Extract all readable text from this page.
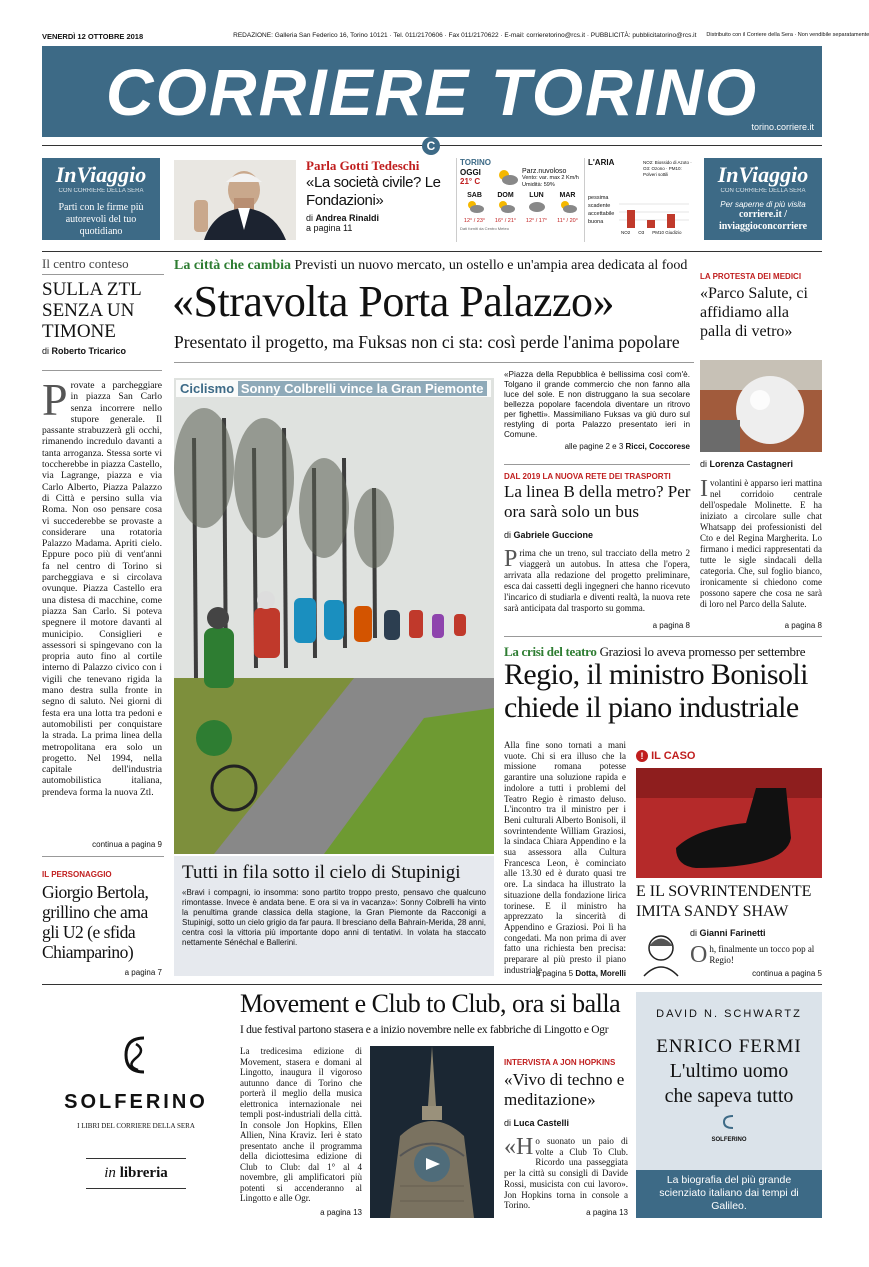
VENERDÌ 12 OTTOBRE 2018	REDAZIONE: Galleria San Federico 16, Torino 10121 · Tel. 011/2170606 · Fax 011/2170622 · E-mail: corrieretorino@rcs.it · PUBBLICITÀ: pubblicitatorino@rcs.it Distribuito con il Corriere della Sera · Non vendibile separatamente
CORRIERE TORINO
torino.corriere.it
C
InViaggio
CON CORRIERE DELLA SERA
Parti con le firme più autorevoli del tuo quotidiano
Parla Gotti Tedeschi
«La società civile? Le Fondazioni»
di Andrea Rinaldi
a pagina 11
TORINO
OGGI
21° C
Parz.nuvoloso
Vento: var. max 2 Km/h
Umidità: 59%
SAB
12° / 23°
DOM
16° / 21°
LUN
12° / 17°
MAR
11° / 20°
Dati forniti da Centro Meteo
L'ARIA	NO2: Biossido di Azoto · O3: Ozono · PM10: Polveri sottili
pessima
scadente
accettabile
buona
NO2 O3 PM10 Giudizio
InViaggio
CON CORRIERE DELLA SERA
Per saperne di più visita
corriere.it / inviaggioconcorriere
Il centro conteso
SULLA ZTL SENZA UN TIMONE
di Roberto Tricarico
P rovate a parcheggiare in piazza San Carlo senza incorrere nello stupore generale. Il passante strabuzzerà gli occhi, rimanendo incredulo davanti a tanta arroganza. Stessa sorte vi toccherebbe in piazza Castello, via Lagrange, piazza e via Carlo Alberto, Piazza Palazzo di Città e persino sulla via Roma. Non oso pensare cosa vi succederebbe se provaste a considerare una rotatoria Palazzo Madama. Apriti cielo. Eppure poco più di vent'anni fa nel centro di Torino si parcheggiava e si circolava ovunque. Piazza Castello era una distesa di macchine, come piazza San Carlo. Si poteva spegnere il motore davanti al municipio. Consiglieri e assessori si spingevano con la propria auto fino al cortile interno di Palazzo civico con i vigili che tenevano rigida la mano destra sulla fronte in segno di saluto. Nei giorni di festa era una lotta tra pedoni e automobilisti per conquistare la strada. La prima linea della metropolitana era solo un progetto. Nel 1994, nella capitale dell'industria automobilistica italiana, prendeva forma la nuova Ztl.
continua a pagina 9
IL PERSONAGGIO
Giorgio Bertola, grillino che ama gli U2 (e sfida Chiamparino)
a pagina 7
La città che cambia Previsti un nuovo mercato, un ostello e un'ampia area dedicata al food
«Stravolta Porta Palazzo»
Presentato il progetto, ma Fuksas non ci sta: così perde l'anima popolare
Ciclismo Sonny Colbrelli vince la Gran Piemonte
Tutti in fila sotto il cielo di Stupinigi
«Bravi i compagni, io insomma: sono partito troppo presto, pensavo che qualcuno rimontasse. Invece è andata bene. E ora si va in vacanza»: Sonny Colbrelli ha vinto la penultima grande classica della stagione, la Gran Piemonte da Racconigi a Stupinigi, sotto un cielo grigio da far paura. Il bresciano della Bahrain-Merida, 28 anni, centra così la vittoria più importante dopo anni di tentativi. In volata ha staccato nettamente Sénéchal e Ballerini.
«Piazza della Repubblica è bellissima così com'è. Tolgano il grande commercio che non fanno alla luce del sole. E non distruggano la sua secolare bellezza popolare facendola diventare un ritrovo per fighetti». Massimiliano Fuksas va giù duro sul restyling di porta Palazzo presentato ieri in Comune.
alle pagine 2 e 3 Ricci, Coccorese
DAL 2019 LA NUOVA RETE DEI TRASPORTI
La linea B della metro? Per ora sarà solo un bus
di Gabriele Guccione
P rima che un treno, sul tracciato della metro 2 viaggerà un autobus. In attesa che l'opera, arrivata alla redazione del progetto preliminare, esca dai cassetti degli ingegneri che hanno ricevuto l'incarico di studiarla e diventi realtà, la nuova rete sarà anticipata dal trasporto su gomma.
a pagina 8
LA PROTESTA DEI MEDICI
«Parco Salute, ci affidiamo alla palla di vetro»
di Lorenza Castagneri
I volantini è apparso ieri mattina nel corridoio centrale dell'ospedale Molinette. E ha iniziato a circolare sulle chat Whatsapp dei professionisti del Cto e del Regina Margherita. Lo firmano i medici rappresentati da tutte le sigle sindacali della categoria. Che, sul foglio bianco, ironicamente si chiedono come possono sapere che cosa ne sarà di loro nel Parco della Salute.
a pagina 8
La crisi del teatro Graziosi lo aveva promesso per settembre
Regio, il ministro Bonisoli chiede il piano industriale
Alla fine sono tornati a mani vuote. Chi si era illuso che la missione romana potesse garantire una soluzione rapida e indolore a tutti i problemi del Teatro Regio è rimasto deluso. L'incontro tra il ministro per i Beni culturali Alberto Bonisoli, il sovrintendente William Graziosi, la sindaca Chiara Appendino e la sua assessora alla Cultura Francesca Leon, è cominciato alle 13.30 ed è durato quasi tre ore. La sindaca ha illustrato la situazione della fondazione lirica torinese. E il ministro ha apprezzato la sincerità di Appendino e Graziosi. Poi lì ha congedati. Ma non prima di aver fatto una richiesta ben precisa: preparare al più presto il piano industriale.
a pagina 5 Dotta, Morelli
! IL CASO
E IL SOVRINTENDENTE IMITA SANDY SHAW
di Gianni Farinetti
O h, finalmente un tocco pop al Regio!
continua a pagina 5
SOLFERINO
I LIBRI DEL CORRIERE DELLA SERA
in libreria
Movement e Club to Club, ora si balla
I due festival partono stasera e a inizio novembre nelle ex fabbriche di Lingotto e Ogr
La tredicesima edizione di Movement, stasera e domani al Lingotto, inaugura il vigoroso autunno dance di Torino che porterà il meglio della musica elettronica internazionale nei templi post-industriali della città. In console Jon Hopkins, Ellen Allien, Nina Kraviz. Ieri è stato presentato anche il programma della diciottesima edizione di Club to Club: dal 1° al 4 novembre, gli amplificatori più potenti si accenderanno al Lingotto e alle Ogr.
a pagina 13
INTERVISTA A JON HOPKINS
«Vivo di techno e meditazione»
di Luca Castelli
«H o suonato un paio di volte a Club To Club. Ricordo una passeggiata per la città su consigli di Davide Rossi, musicista con cui lavoro». Jon Hopkins torna in console a Torino.
a pagina 13
DAVID N. SCHWARTZ
ENRICO FERMI
L'ultimo uomo
che sapeva tutto
SOLFERINO
La biografia del più grande scienziato italiano dai tempi di Galileo.
